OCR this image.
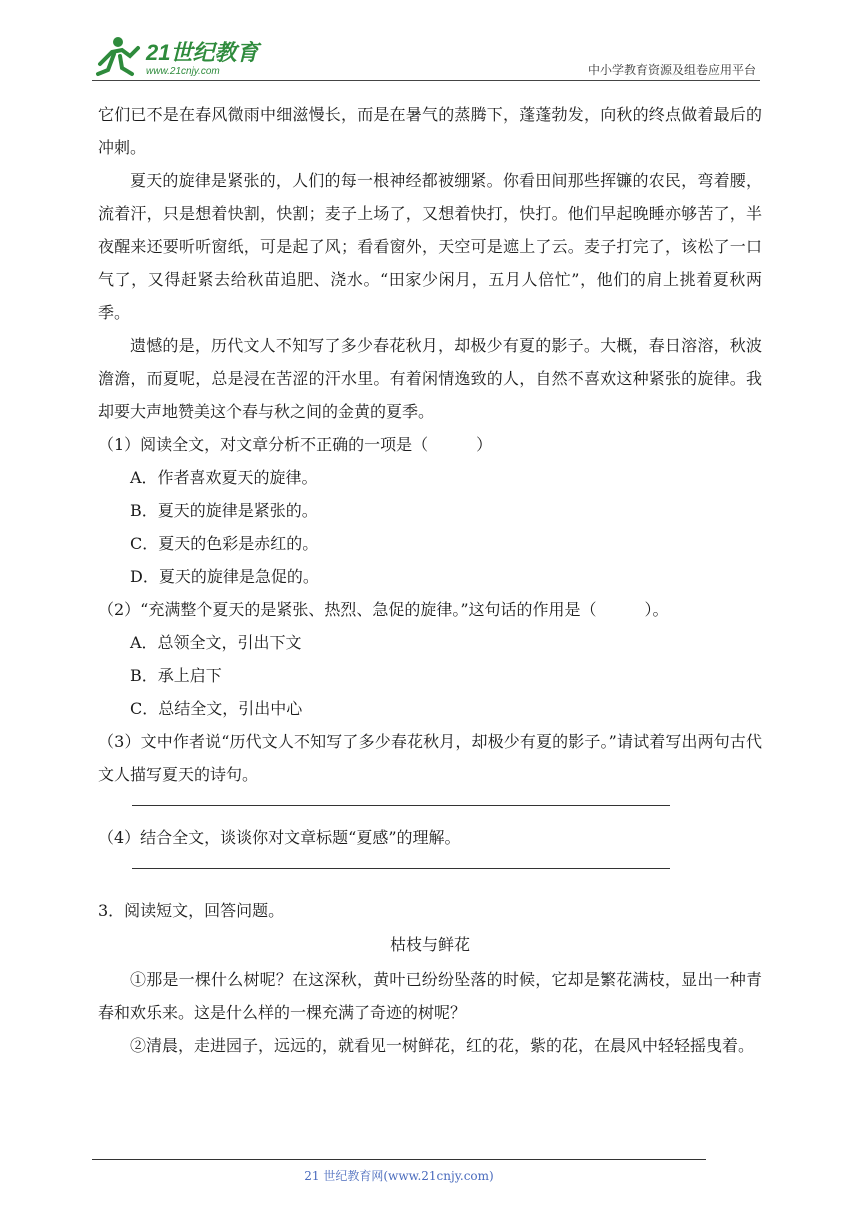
21世纪教育
www.21cnjy.com	中小学教育资源及组卷应用平台

它们已不是在春风微雨中细滋慢长，而是在暑气的蒸腾下，蓬蓬勃发，向秋的终点做着最后的冲刺。

夏天的旋律是紧张的，人们的每一根神经都被绷紧。你看田间那些挥镰的农民，弯着腰，流着汗，只是想着快割，快割；麦子上场了，又想着快打，快打。他们早起晚睡亦够苦了，半夜醒来还要听听窗纸，可是起了风；看看窗外，天空可是遮上了云。麦子打完了，该松了一口气了，又得赶紧去给秋苗追肥、浇水。“田家少闲月，五月人倍忙”，他们的肩上挑着夏秋两季。

遗憾的是，历代文人不知写了多少春花秋月，却极少有夏的影子。大概，春日溶溶，秋波澹澹，而夏呢，总是浸在苦涩的汗水里。有着闲情逸致的人，自然不喜欢这种紧张的旋律。我却要大声地赞美这个春与秋之间的金黄的夏季。

（1）阅读全文，对文章分析不正确的一项是（　　　）

A．作者喜欢夏天的旋律。

B．夏天的旋律是紧张的。

C．夏天的色彩是赤红的。

D．夏天的旋律是急促的。

（2）“充满整个夏天的是紧张、热烈、急促的旋律。”这句话的作用是（　　　）。

A．总领全文，引出下文

B．承上启下

C．总结全文，引出中心

（3）文中作者说“历代文人不知写了多少春花秋月，却极少有夏的影子。”请试着写出两句古代文人描写夏天的诗句。

（4）结合全文，谈谈你对文章标题“夏感”的理解。

3．阅读短文，回答问题。

枯枝与鲜花

①那是一棵什么树呢？在这深秋，黄叶已纷纷坠落的时候，它却是繁花满枝，显出一种青春和欢乐来。这是什么样的一棵充满了奇迹的树呢？

②清晨，走进园子，远远的，就看见一树鲜花，红的花，紫的花，在晨风中轻轻摇曳着。

21 世纪教育网(www.21cnjy.com)
